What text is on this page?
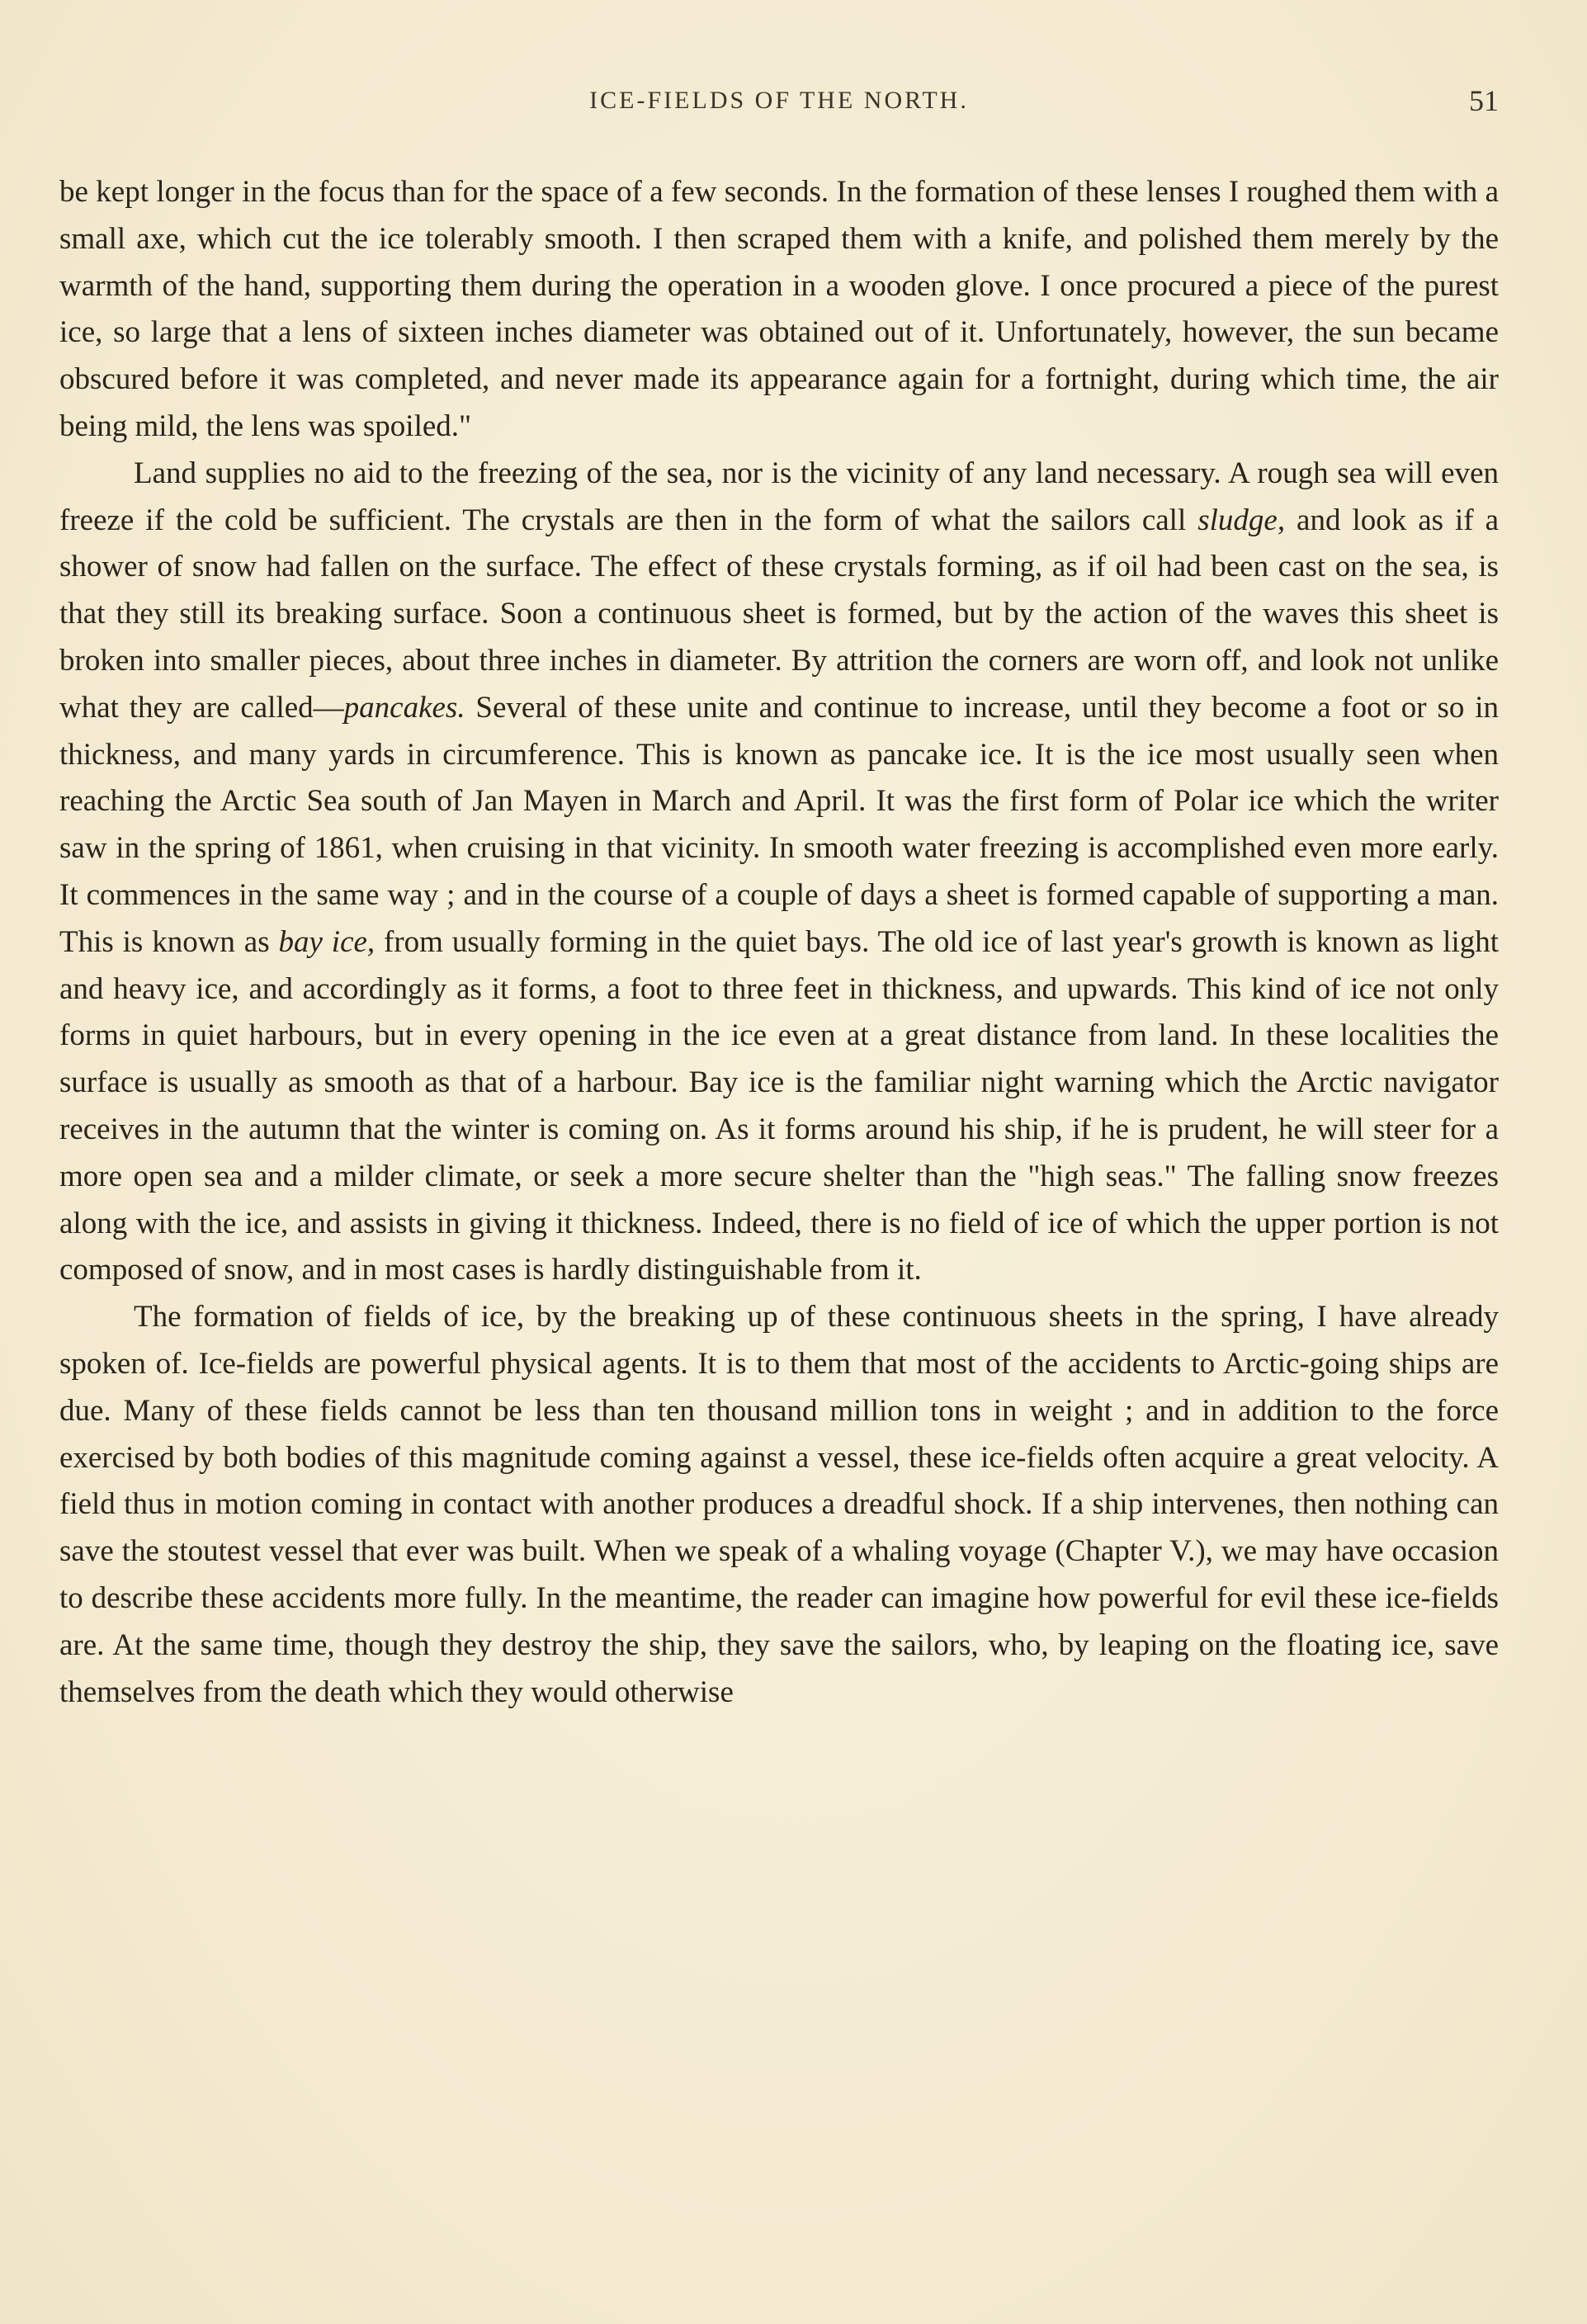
ICE-FIELDS OF THE NORTH.	51

be kept longer in the focus than for the space of a few seconds. In the formation of these lenses I roughed them with a small axe, which cut the ice tolerably smooth. I then scraped them with a knife, and polished them merely by the warmth of the hand, supporting them during the operation in a wooden glove. I once procured a piece of the purest ice, so large that a lens of sixteen inches diameter was obtained out of it. Unfortunately, however, the sun became obscured before it was completed, and never made its appearance again for a fortnight, during which time, the air being mild, the lens was spoiled."

Land supplies no aid to the freezing of the sea, nor is the vicinity of any land necessary. A rough sea will even freeze if the cold be sufficient. The crystals are then in the form of what the sailors call sludge, and look as if a shower of snow had fallen on the surface. The effect of these crystals forming, as if oil had been cast on the sea, is that they still its breaking surface. Soon a continuous sheet is formed, but by the action of the waves this sheet is broken into smaller pieces, about three inches in diameter. By attrition the corners are worn off, and look not unlike what they are called—pancakes. Several of these unite and continue to increase, until they become a foot or so in thickness, and many yards in circumference. This is known as pancake ice. It is the ice most usually seen when reaching the Arctic Sea south of Jan Mayen in March and April. It was the first form of Polar ice which the writer saw in the spring of 1861, when cruising in that vicinity. In smooth water freezing is accomplished even more early. It commences in the same way ; and in the course of a couple of days a sheet is formed capable of supporting a man. This is known as bay ice, from usually forming in the quiet bays. The old ice of last year's growth is known as light and heavy ice, and accordingly as it forms, a foot to three feet in thickness, and upwards. This kind of ice not only forms in quiet harbours, but in every opening in the ice even at a great distance from land. In these localities the surface is usually as smooth as that of a harbour. Bay ice is the familiar night warning which the Arctic navigator receives in the autumn that the winter is coming on. As it forms around his ship, if he is prudent, he will steer for a more open sea and a milder climate, or seek a more secure shelter than the "high seas." The falling snow freezes along with the ice, and assists in giving it thickness. Indeed, there is no field of ice of which the upper portion is not composed of snow, and in most cases is hardly distinguishable from it.

The formation of fields of ice, by the breaking up of these continuous sheets in the spring, I have already spoken of. Ice-fields are powerful physical agents. It is to them that most of the accidents to Arctic-going ships are due. Many of these fields cannot be less than ten thousand million tons in weight ; and in addition to the force exercised by both bodies of this magnitude coming against a vessel, these ice-fields often acquire a great velocity. A field thus in motion coming in contact with another produces a dreadful shock. If a ship intervenes, then nothing can save the stoutest vessel that ever was built. When we speak of a whaling voyage (Chapter V.), we may have occasion to describe these accidents more fully. In the meantime, the reader can imagine how powerful for evil these ice-fields are. At the same time, though they destroy the ship, they save the sailors, who, by leaping on the floating ice, save themselves from the death which they would otherwise
